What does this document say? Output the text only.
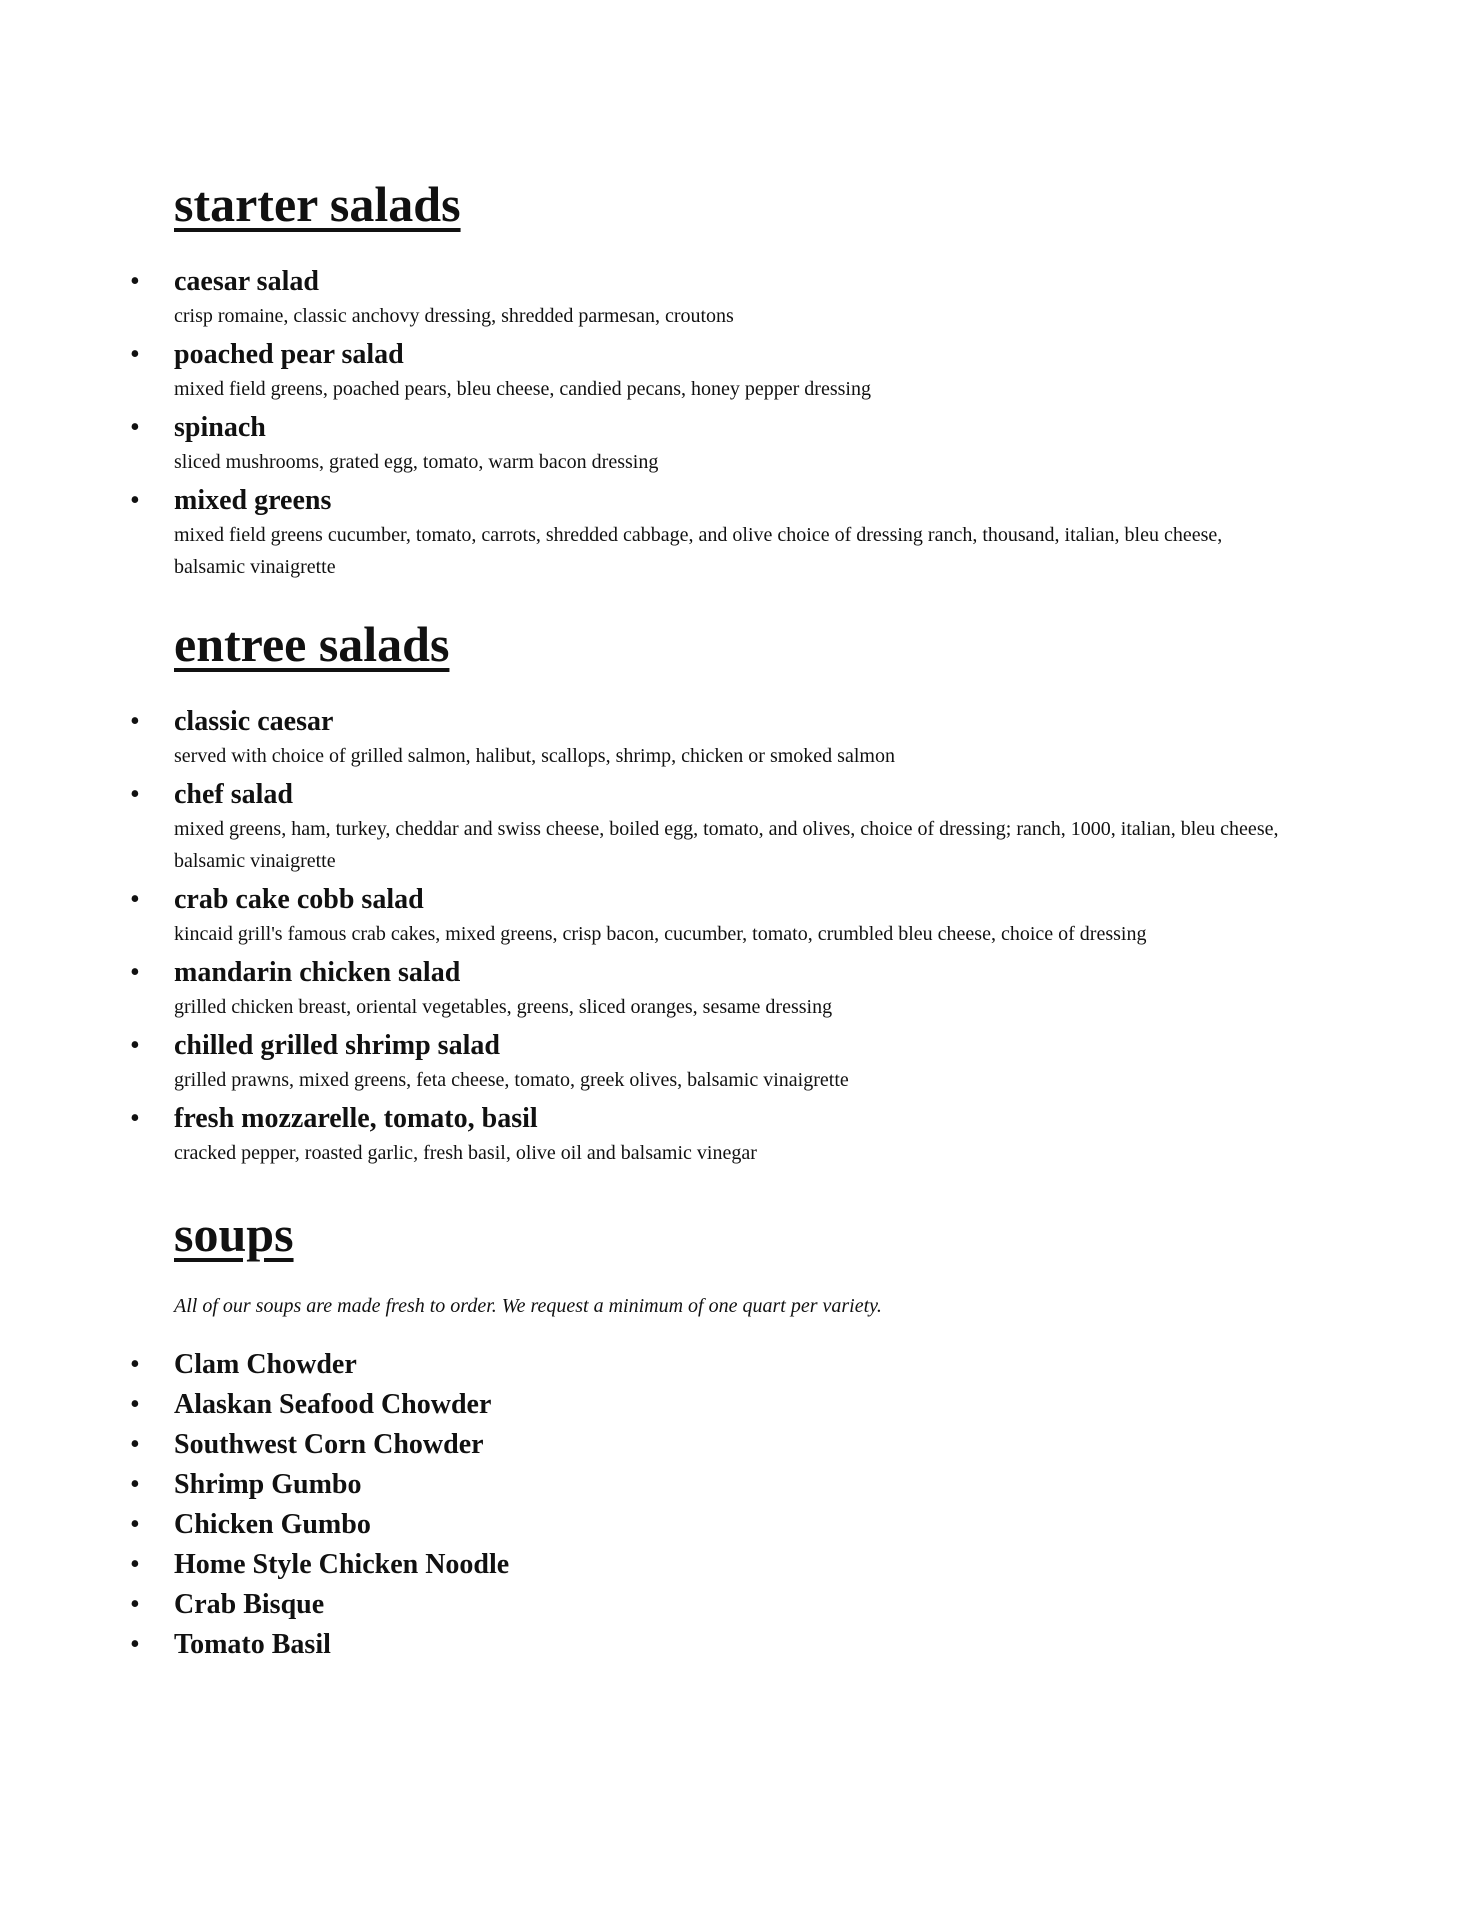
starter salads
• caesar salad
crisp romaine, classic anchovy dressing, shredded parmesan, croutons
• poached pear salad
mixed field greens, poached pears, bleu cheese, candied pecans, honey pepper dressing
• spinach
sliced mushrooms, grated egg, tomato, warm bacon dressing
• mixed greens
mixed field greens cucumber, tomato, carrots, shredded cabbage, and olive choice of dressing ranch, thousand, italian, bleu cheese, balsamic vinaigrette
entree salads
• classic caesar
served with choice of grilled salmon, halibut, scallops, shrimp, chicken or smoked salmon
• chef salad
mixed greens, ham, turkey, cheddar and swiss cheese, boiled egg, tomato, and olives, choice of dressing; ranch, 1000, italian, bleu cheese, balsamic vinaigrette
• crab cake cobb salad
kincaid grill's famous crab cakes, mixed greens, crisp bacon, cucumber, tomato, crumbled bleu cheese, choice of dressing
• mandarin chicken salad
grilled chicken breast, oriental vegetables, greens, sliced oranges, sesame dressing
• chilled grilled shrimp salad
grilled prawns, mixed greens, feta cheese, tomato, greek olives, balsamic vinaigrette
• fresh mozzarelle, tomato, basil
cracked pepper, roasted garlic, fresh basil, olive oil and balsamic vinegar
soups
All of our soups are made fresh to order. We request a minimum of one quart per variety.
• Clam Chowder
• Alaskan Seafood Chowder
• Southwest Corn Chowder
• Shrimp Gumbo
• Chicken Gumbo
• Home Style Chicken Noodle
• Crab Bisque
• Tomato Basil
